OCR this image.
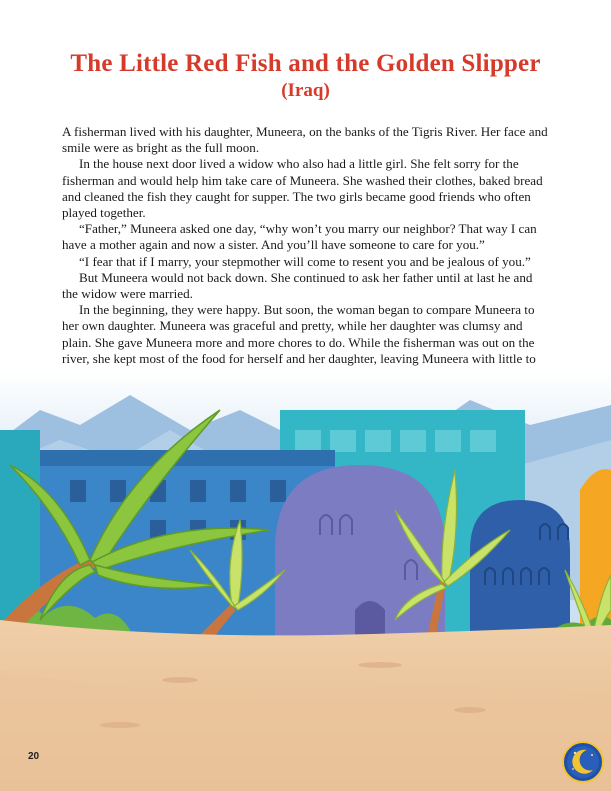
The Little Red Fish and the Golden Slipper
(Iraq)

A fisherman lived with his daughter, Muneera, on the banks of the Tigris River. Her face and smile were as bright as the full moon.

In the house next door lived a widow who also had a little girl. She felt sorry for the fisherman and would help him take care of Muneera. She washed their clothes, baked bread and cleaned the fish they caught for supper. The two girls became good friends who often played together.

“Father,” Muneera asked one day, “why won’t you marry our neighbor? That way I can have a mother again and now a sister. And you’ll have someone to care for you.”

“I fear that if I marry, your stepmother will come to resent you and be jealous of you.”

But Muneera would not back down. She continued to ask her father until at last he and the widow were married.

In the beginning, they were happy. But soon, the woman began to compare Muneera to her own daughter. Muneera was graceful and pretty, while her daughter was clumsy and plain. She gave Muneera more and more chores to do. While the fisherman was out on the river, she kept most of the food for herself and her daughter, leaving Muneera with little to

20
